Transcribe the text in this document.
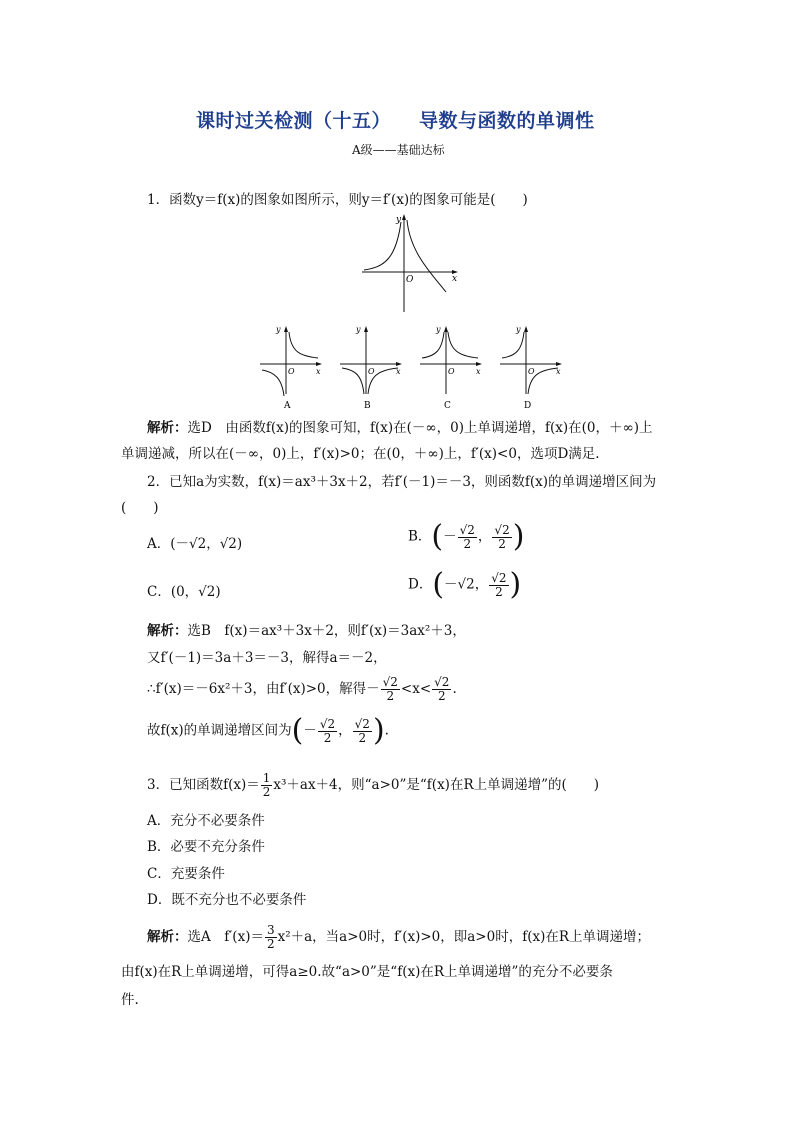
课时过关检测（十五） 导数与函数的单调性
A级——基础达标
1．函数y＝f(x)的图象如图所示，则y＝f′(x)的图象可能是(　　)
y
x
O
y
x
O
A
y
x
O
B
y
x
O
C
y
x
O
D
解析：选D　由函数f(x)的图象可知，f(x)在(－∞，0)上单调递增，f(x)在(0，＋∞)上
单调递减，所以在(－∞，0)上，f′(x)>0；在(0，＋∞)上，f′(x)<0，选项D满足.
2．已知a为实数，f(x)＝ax³＋3x＋2，若f′(－1)＝－3，则函数f(x)的单调递增区间为
(　　)
A．(－√2，√2)	B．(－ $\frac{√2}{2}$ ， $\frac{√2}{2}$ )
C．(0，√2)	D．(－√2， $\frac{√2}{2}$ )
解析：选B　f(x)＝ax³＋3x＋2，则f′(x)＝3ax²＋3，
又f′(－1)＝3a＋3＝－3，解得a＝－2，
∴f′(x)＝－6x²＋3，由f′(x)>0，解得－ $\frac{√2}{2} <x< \frac{√2}{2}$ .
故f(x)的单调递增区间为(－ $\frac{√2}{2}$ ， $\frac{√2}{2}$ ).
3．已知函数$f(x)= \frac{1}{2} x^3+ax+4$，则“a>0”是“f(x)在R上单调递增”的(　　)
A．充分不必要条件
B．必要不充分条件
C．充要条件
D．既不充分也不必要条件
解析：选A　$f'(x)= \frac{3}{2} x^2+a$，当a>0时，f′(x)>0，即a>0时，f(x)在R上单调递增；
由f(x)在R上单调递增，可得a≥0.故“a>0”是“f(x)在R上单调递增”的充分不必要条
件.
